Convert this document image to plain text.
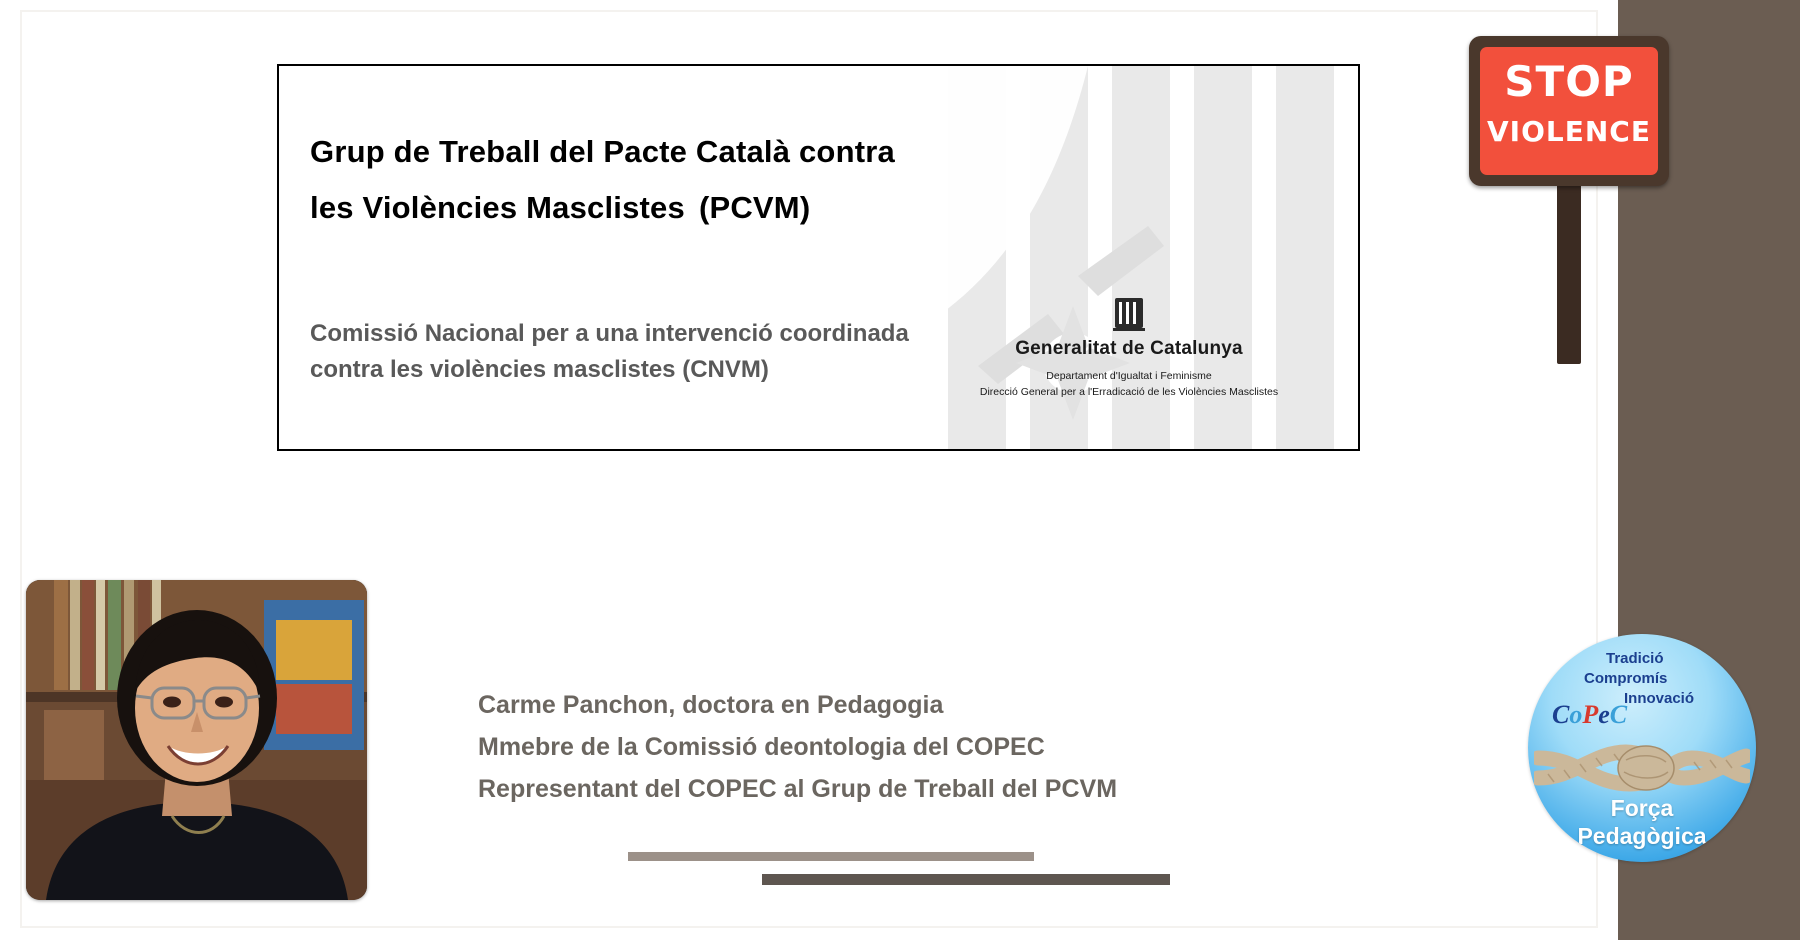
Grup de Treball del Pacte Català contra
les Violències Masclistes (PCVM)
Comissió Nacional per a una intervenció coordinada contra les violències masclistes (CNVM)
Generalitat de Catalunya
Departament d'Igualtat i Feminisme
Direcció General per a l'Erradicació de les Violències Masclistes
Carme Panchon, doctora en Pedagogia
Mmebre de la Comissió deontologia del COPEC
Representant del COPEC al Grup de Treball del PCVM
STOP
VIOLENCE
Tradició
Compromís
Innovació
CoPeC
Força
Pedagògica
